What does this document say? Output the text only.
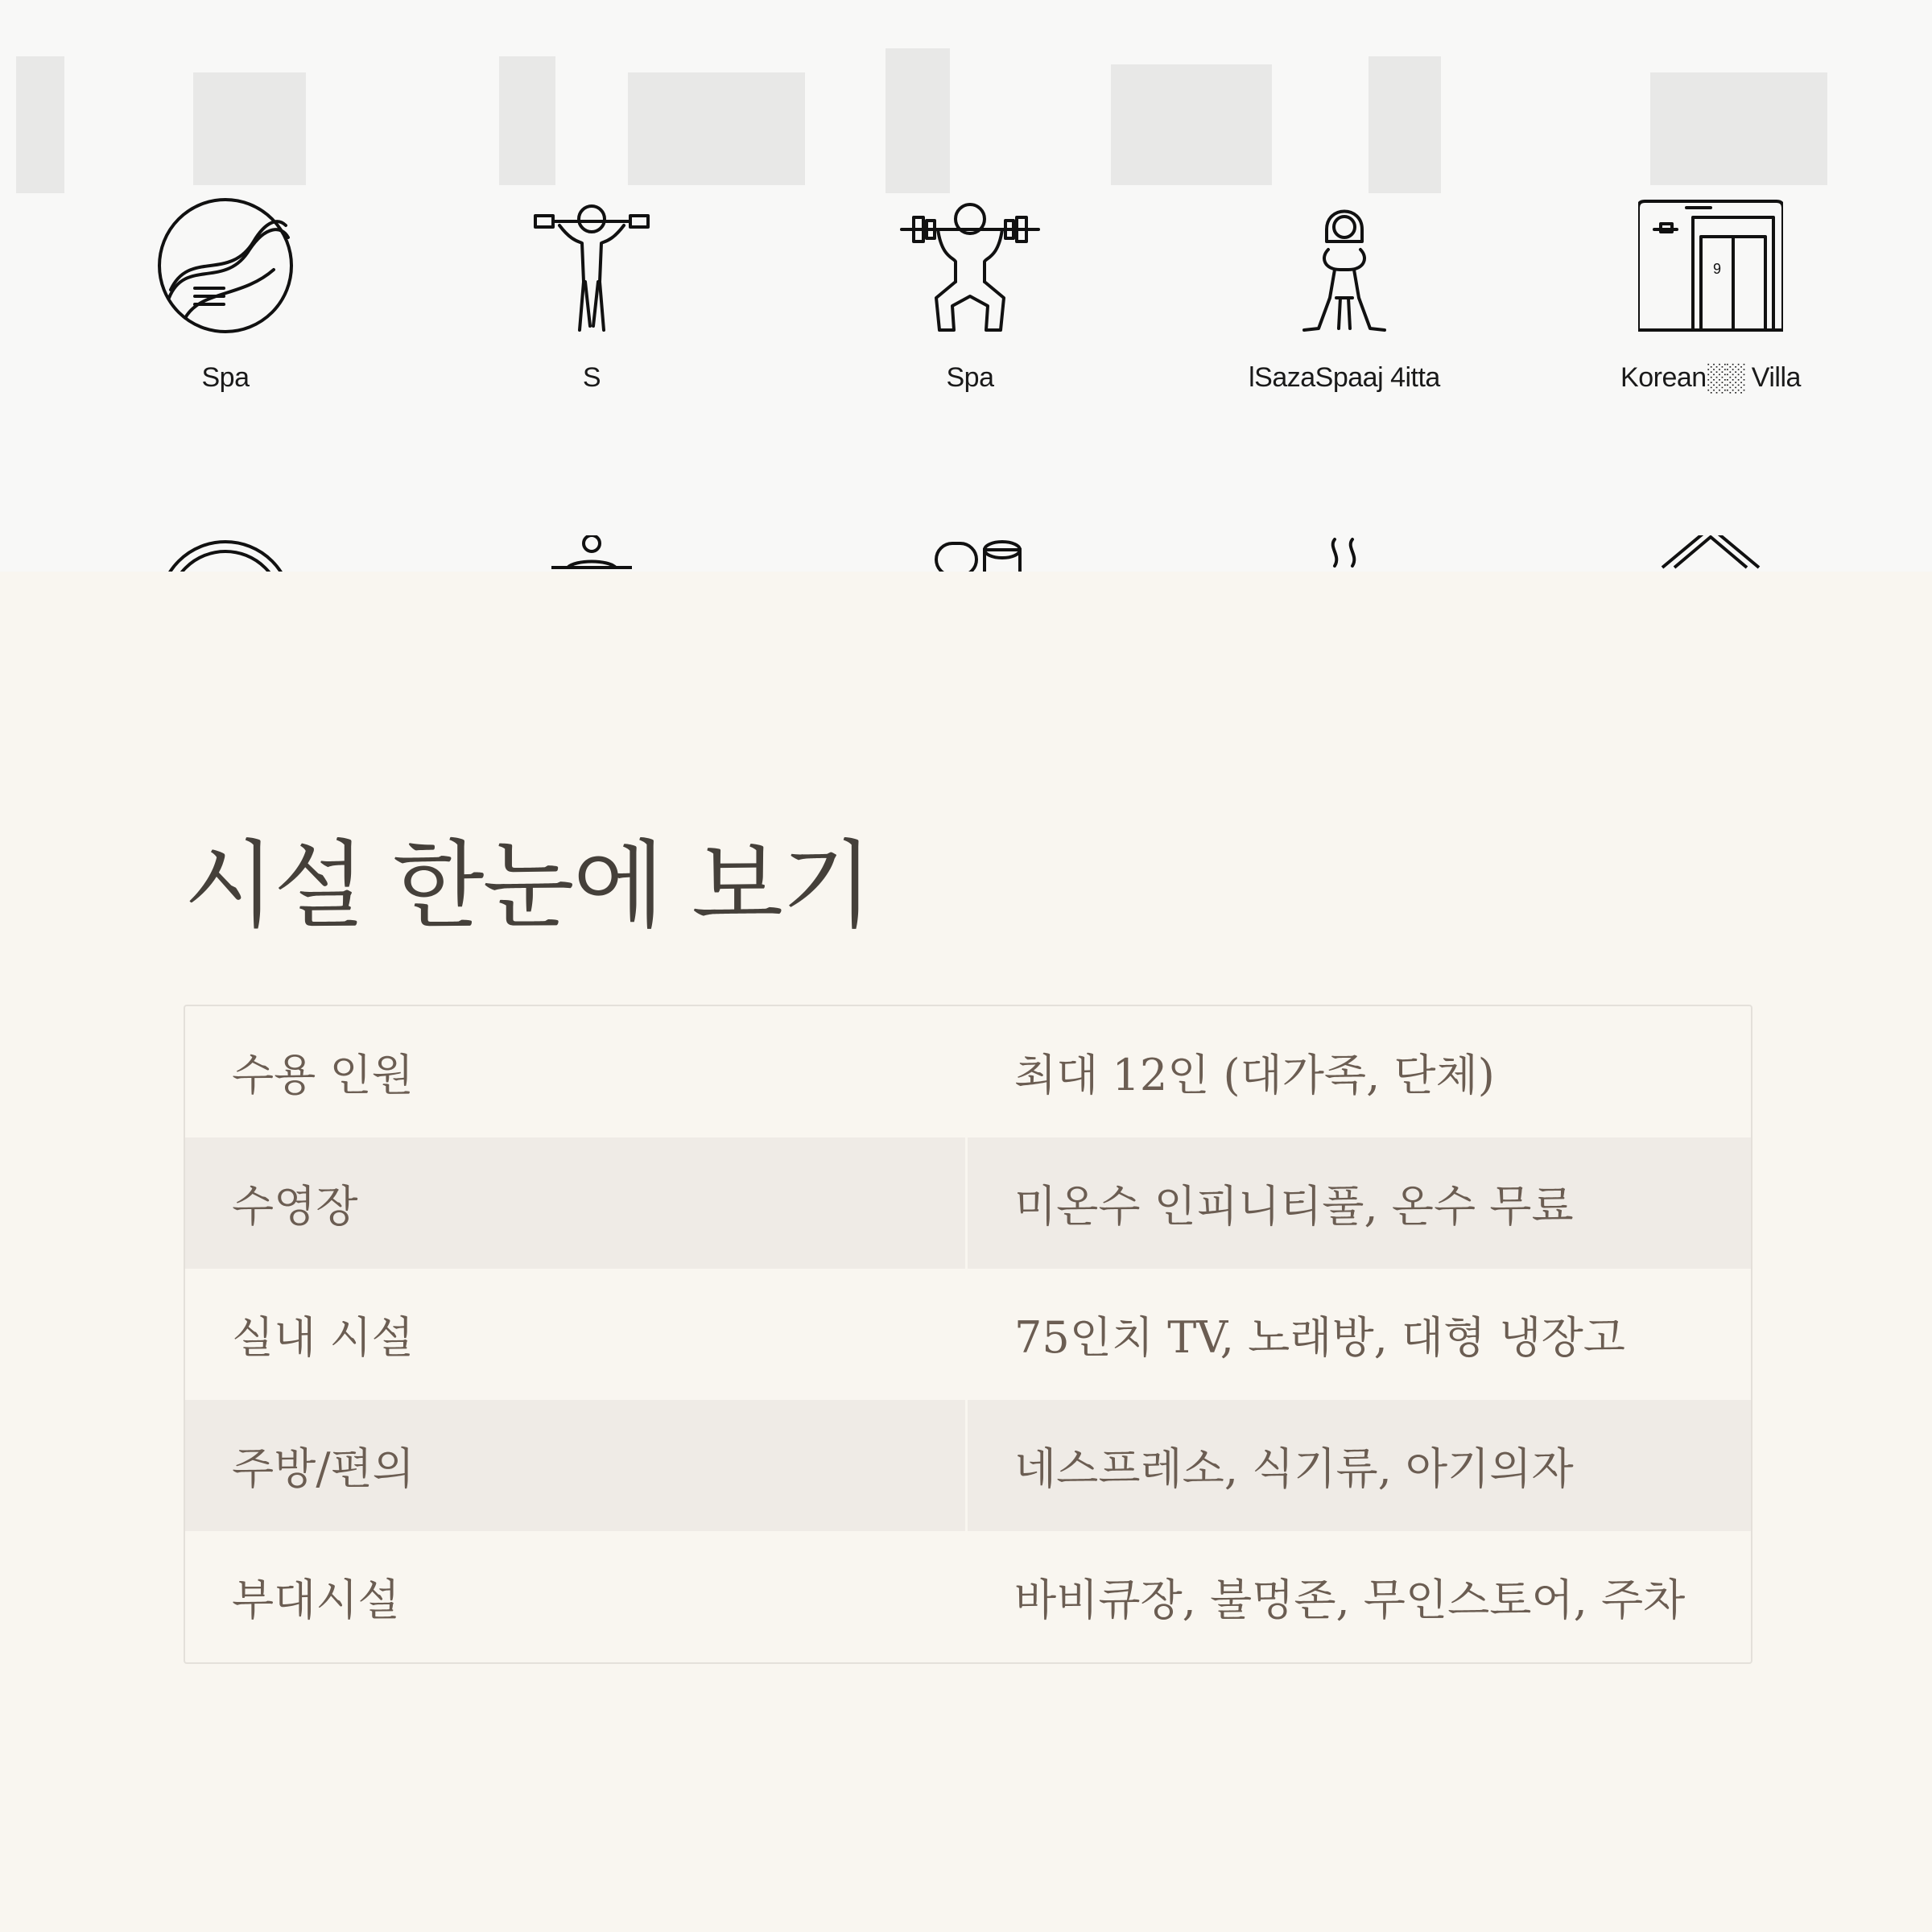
Spa	S	Spa	lSazaSpaaj 4itta
9
Korean░░ Villa
시설 한눈에 보기
수용 인원	최대 12인 (대가족, 단체)
수영장	미온수 인피니티풀, 온수 무료
실내 시설	75인치 TV, 노래방, 대형 냉장고
주방/편의	네스프레소, 식기류, 아기의자
부대시설	바비큐장, 불멍존, 무인스토어, 주차
